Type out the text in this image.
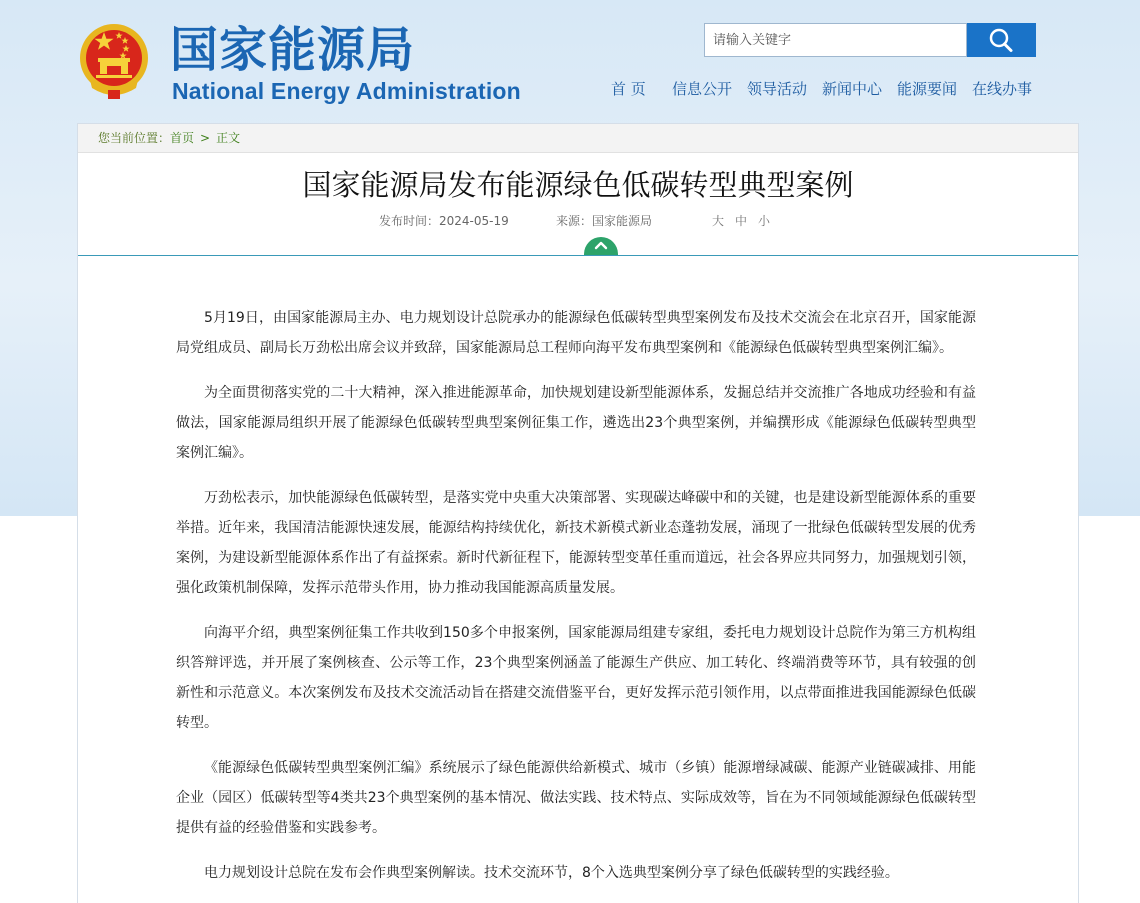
国家能源局
National Energy Administration
请输入关键字	首 页 信息公开 领导活动 新闻中心 能源要闻 在线办事
您当前位置：首页 > 正文
国家能源局发布能源绿色低碳转型典型案例
发布时间：2024-05-19	来源：国家能源局	大 中 小

5月19日，由国家能源局主办、电力规划设计总院承办的能源绿色低碳转型典型案例发布及技术交流会在北京召开，国家能源局党组成员、副局长万劲松出席会议并致辞，国家能源局总工程师向海平发布典型案例和《能源绿色低碳转型典型案例汇编》。

为全面贯彻落实党的二十大精神，深入推进能源革命，加快规划建设新型能源体系，发掘总结并交流推广各地成功经验和有益做法，国家能源局组织开展了能源绿色低碳转型典型案例征集工作，遴选出23个典型案例，并编撰形成《能源绿色低碳转型典型案例汇编》。

万劲松表示，加快能源绿色低碳转型，是落实党中央重大决策部署、实现碳达峰碳中和的关键，也是建设新型能源体系的重要举措。近年来，我国清洁能源快速发展，能源结构持续优化，新技术新模式新业态蓬勃发展，涌现了一批绿色低碳转型发展的优秀案例，为建设新型能源体系作出了有益探索。新时代新征程下，能源转型变革任重而道远，社会各界应共同努力，加强规划引领，强化政策机制保障，发挥示范带头作用，协力推动我国能源高质量发展。

向海平介绍，典型案例征集工作共收到150多个申报案例，国家能源局组建专家组，委托电力规划设计总院作为第三方机构组织答辩评选，并开展了案例核查、公示等工作，23个典型案例涵盖了能源生产供应、加工转化、终端消费等环节，具有较强的创新性和示范意义。本次案例发布及技术交流活动旨在搭建交流借鉴平台，更好发挥示范引领作用，以点带面推进我国能源绿色低碳转型。

《能源绿色低碳转型典型案例汇编》系统展示了绿色能源供给新模式、城市（乡镇）能源增绿减碳、能源产业链碳减排、用能企业（园区）低碳转型等4类共23个典型案例的基本情况、做法实践、技术特点、实际成效等，旨在为不同领域能源绿色低碳转型提供有益的经验借鉴和实践参考。

电力规划设计总院在发布会作典型案例解读。技术交流环节，8个入选典型案例分享了绿色低碳转型的实践经验。
